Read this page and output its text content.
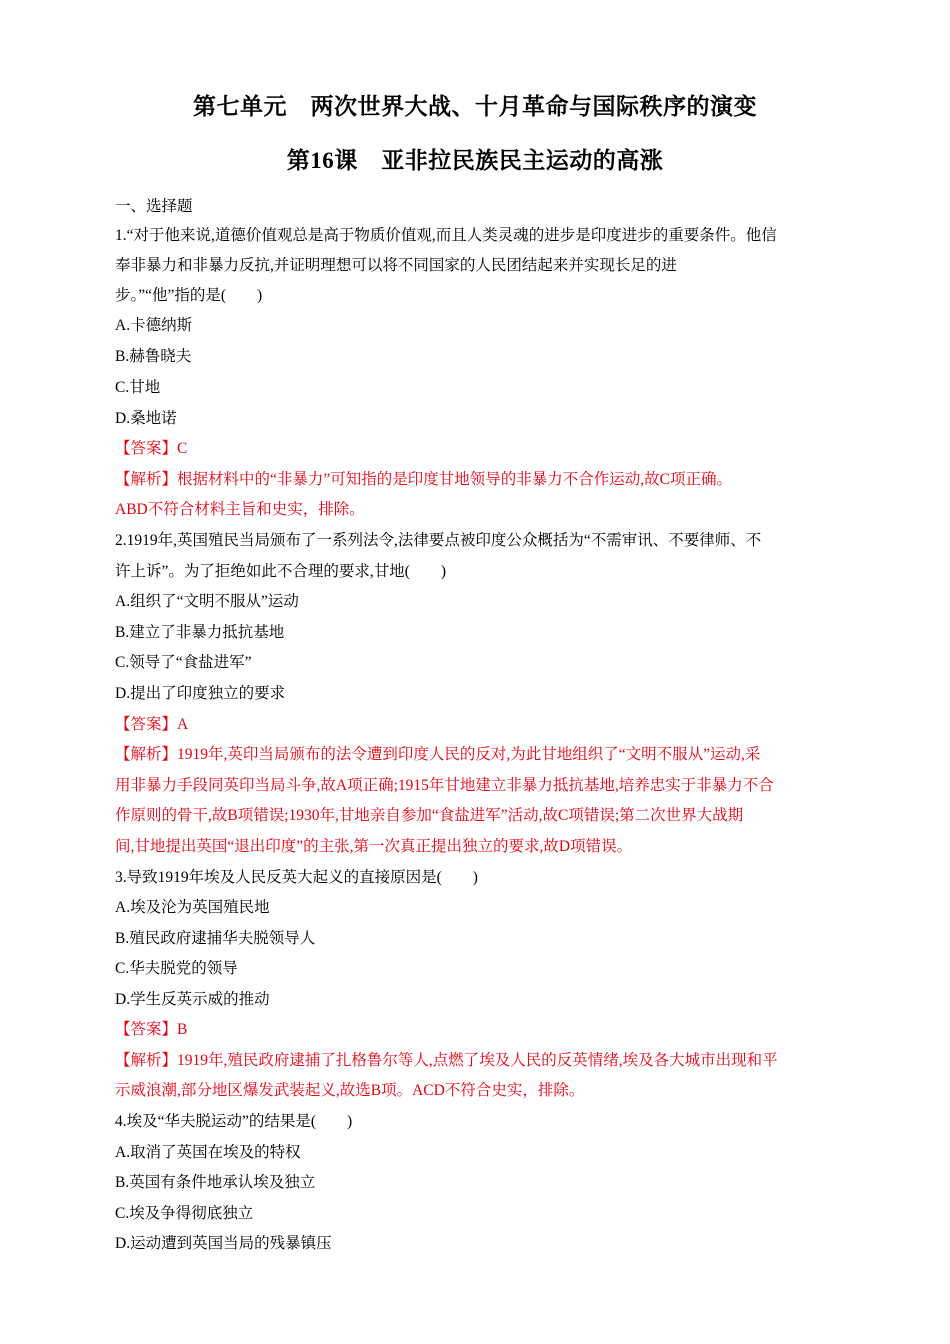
第七单元　两次世界大战、十月革命与国际秩序的演变
第16课　亚非拉民族民主运动的高涨
一、选择题
1.“对于他来说,道德价值观总是高于物质价值观,而且人类灵魂的进步是印度进步的重要条件。他信
奉非暴力和非暴力反抗,并证明理想可以将不同国家的人民团结起来并实现长足的进
步。”“他”指的是(　　)
A.卡德纳斯
B.赫鲁晓夫
C.甘地
D.桑地诺
【答案】C
【解析】根据材料中的“非暴力”可知指的是印度甘地领导的非暴力不合作运动,故C项正确。
ABD不符合材料主旨和史实，排除。
2.1919年,英国殖民当局颁布了一系列法令,法律要点被印度公众概括为“不需审讯、不要律师、不
许上诉”。为了拒绝如此不合理的要求,甘地(　　)
A.组织了“文明不服从”运动
B.建立了非暴力抵抗基地
C.领导了“食盐进军”
D.提出了印度独立的要求
【答案】A
【解析】1919年,英印当局颁布的法令遭到印度人民的反对,为此甘地组织了“文明不服从”运动,采
用非暴力手段同英印当局斗争,故A项正确;1915年甘地建立非暴力抵抗基地,培养忠实于非暴力不合
作原则的骨干,故B项错误;1930年,甘地亲自参加“食盐进军”活动,故C项错误;第二次世界大战期
间,甘地提出英国“退出印度”的主张,第一次真正提出独立的要求,故D项错误。
3.导致1919年埃及人民反英大起义的直接原因是(　　)
A.埃及沦为英国殖民地
B.殖民政府逮捕华夫脱领导人
C.华夫脱党的领导
D.学生反英示威的推动
【答案】B
【解析】1919年,殖民政府逮捕了扎格鲁尔等人,点燃了埃及人民的反英情绪,埃及各大城市出现和平
示威浪潮,部分地区爆发武装起义,故选B项。ACD不符合史实，排除。
4.埃及“华夫脱运动”的结果是(　　)
A.取消了英国在埃及的特权
B.英国有条件地承认埃及独立
C.埃及争得彻底独立
D.运动遭到英国当局的残暴镇压
